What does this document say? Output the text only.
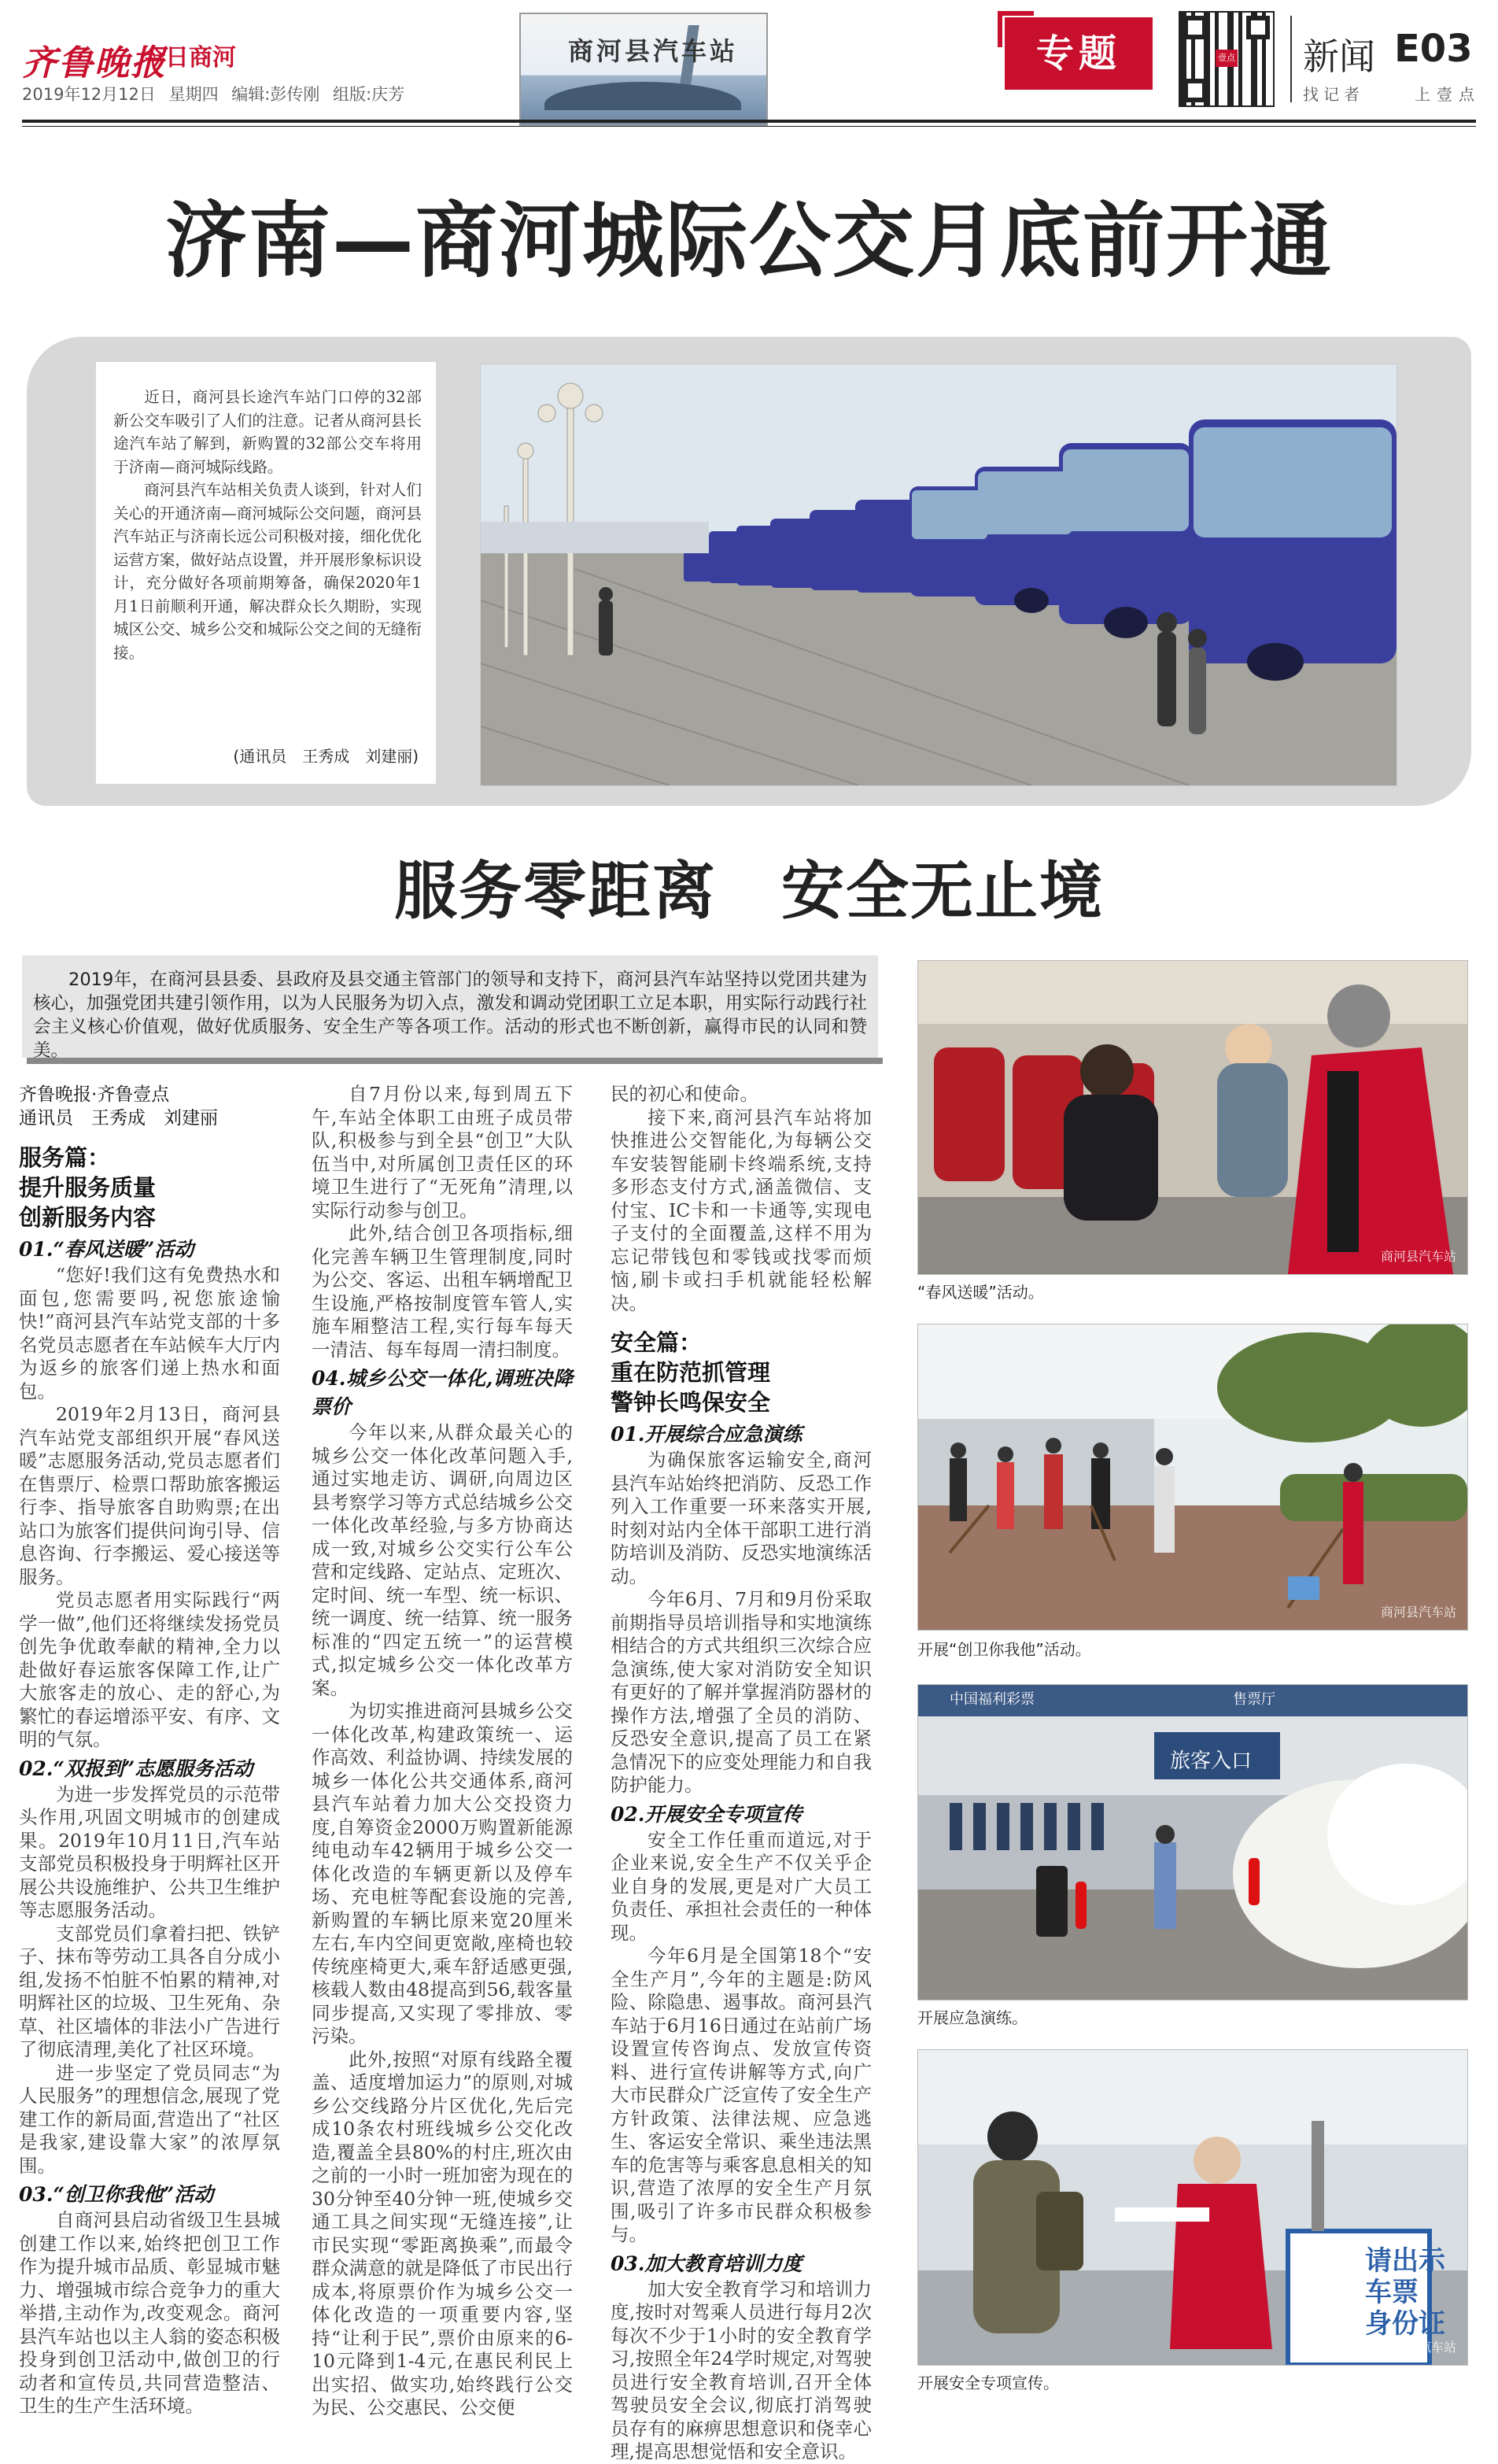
齐鲁晚报
今日商河
2019年12月12日 星期四 编辑:彭传刚 组版:庆芳
商河县汽车站	专题	壹点 新闻 E03
找记者	上壹点
济南—商河城际公交月底前开通

近日，商河县长途汽车站门口停的32部新公交车吸引了人们的注意。记者从商河县长途汽车站了解到，新购置的32部公交车将用于济南—商河城际线路。

商河县汽车站相关负责人谈到，针对人们关心的开通济南—商河城际公交问题，商河县汽车站正与济南长远公司积极对接，细化优化运营方案，做好站点设置，并开展形象标识设计，充分做好各项前期筹备，确保2020年1月1日前顺利开通，解决群众长久期盼，实现城区公交、城乡公交和城际公交之间的无缝衔接。

(通讯员　王秀成　刘建丽)
服务零距离　安全无止境

2019年，在商河县县委、县政府及县交通主管部门的领导和支持下，商河县汽车站坚持以党团共建为核心，加强党团共建引领作用，以为人民服务为切入点，激发和调动党团职工立足本职，用实际行动践行社会主义核心价值观，做好优质服务、安全生产等各项工作。活动的形式也不断创新，赢得市民的认同和赞美。

齐鲁晚报·齐鲁壹点

通讯员　王秀成　刘建丽

服务篇：

提升服务质量

创新服务内容

01.“春风送暖”活动

“您好!我们这有免费热水和面包,您需要吗,祝您旅途愉快!”商河县汽车站党支部的十多名党员志愿者在车站候车大厅内为返乡的旅客们递上热水和面包。

2019年2月13日，商河县汽车站党支部组织开展“春风送暖”志愿服务活动,党员志愿者们在售票厅、检票口帮助旅客搬运行李、指导旅客自助购票;在出站口为旅客们提供问询引导、信息咨询、行李搬运、爱心接送等服务。

党员志愿者用实际践行“两学一做”,他们还将继续发扬党员创先争优敢奉献的精神,全力以赴做好春运旅客保障工作,让广大旅客走的放心、走的舒心,为繁忙的春运增添平安、有序、文明的气氛。

02.“双报到”志愿服务活动

为进一步发挥党员的示范带头作用,巩固文明城市的创建成果。2019年10月11日,汽车站支部党员积极投身于明辉社区开展公共设施维护、公共卫生维护等志愿服务活动。

支部党员们拿着扫把、铁铲子、抹布等劳动工具各自分成小组,发扬不怕脏不怕累的精神,对明辉社区的垃圾、卫生死角、杂草、社区墙体的非法小广告进行了彻底清理,美化了社区环境。

进一步坚定了党员同志“为人民服务”的理想信念,展现了党建工作的新局面,营造出了“社区是我家,建设靠大家”的浓厚氛围。

03.“创卫你我他”活动

自商河县启动省级卫生县城创建工作以来,始终把创卫工作作为提升城市品质、彰显城市魅力、增强城市综合竞争力的重大举措,主动作为,改变观念。商河县汽车站也以主人翁的姿态积极投身到创卫活动中,做创卫的行动者和宣传员,共同营造整洁、卫生的生产生活环境。

自7月份以来,每到周五下午,车站全体职工由班子成员带队,积极参与到全县“创卫”大队伍当中,对所属创卫责任区的环境卫生进行了“无死角”清理,以实际行动参与创卫。

此外,结合创卫各项指标,细化完善车辆卫生管理制度,同时为公交、客运、出租车辆增配卫生设施,严格按制度管车管人,实施车厢整洁工程,实行每车每天一清洁、每车每周一清扫制度。

04.城乡公交一体化,调班决降票价

今年以来,从群众最关心的城乡公交一体化改革问题入手,通过实地走访、调研,向周边区县考察学习等方式总结城乡公交一体化改革经验,与多方协商达成一致,对城乡公交实行公车公营和定线路、定站点、定班次、定时间、统一车型、统一标识、统一调度、统一结算、统一服务标准的“四定五统一”的运营模式,拟定城乡公交一体化改革方案。

为切实推进商河县城乡公交一体化改革,构建政策统一、运作高效、利益协调、持续发展的城乡一体化公共交通体系,商河县汽车站着力加大公交投资力度,自筹资金2000万购置新能源纯电动车42辆用于城乡公交一体化改造的车辆更新以及停车场、充电桩等配套设施的完善,新购置的车辆比原来宽20厘米左右,车内空间更宽敞,座椅也较传统座椅更大,乘车舒适感更强,核载人数由48提高到56,载客量同步提高,又实现了零排放、零污染。

此外,按照“对原有线路全覆盖、适度增加运力”的原则,对城乡公交线路分片区优化,先后完成10条农村班线城乡公交化改造,覆盖全县80%的村庄,班次由之前的一小时一班加密为现在的30分钟至40分钟一班,使城乡交通工具之间实现“无缝连接”,让市民实现“零距离换乘”,而最令群众满意的就是降低了市民出行成本,将原票价作为城乡公交一体化改造的一项重要内容,坚持“让利于民”,票价由原来的6-10元降到1-4元,在惠民利民上出实招、做实功,始终践行公交为民、公交惠民、公交便

民的初心和使命。

接下来,商河县汽车站将加快推进公交智能化,为每辆公交车安装智能刷卡终端系统,支持多形态支付方式,涵盖微信、支付宝、IC卡和一卡通等,实现电子支付的全面覆盖,这样不用为忘记带钱包和零钱或找零而烦恼,刷卡或扫手机就能轻松解决。

安全篇：

重在防范抓管理

警钟长鸣保安全

01.开展综合应急演练

为确保旅客运输安全,商河县汽车站始终把消防、反恐工作列入工作重要一环来落实开展,时刻对站内全体干部职工进行消防培训及消防、反恐实地演练活动。

今年6月、7月和9月份采取前期指导员培训指导和实地演练相结合的方式共组织三次综合应急演练,使大家对消防安全知识有更好的了解并掌握消防器材的操作方法,增强了全员的消防、反恐安全意识,提高了员工在紧急情况下的应变处理能力和自我防护能力。

02.开展安全专项宣传

安全工作任重而道远,对于企业来说,安全生产不仅关乎企业自身的发展,更是对广大员工负责任、承担社会责任的一种体现。

今年6月是全国第18个“安全生产月”,今年的主题是:防风险、除隐患、遏事故。商河县汽车站于6月16日通过在站前广场设置宣传咨询点、发放宣传资料、进行宣传讲解等方式,向广大市民群众广泛宣传了安全生产方针政策、法律法规、应急逃生、客运安全常识、乘坐违法黑车的危害等与乘客息息相关的知识,营造了浓厚的安全生产月氛围,吸引了许多市民群众积极参与。

03.加大教育培训力度

加大安全教育学习和培训力度,按时对驾乘人员进行每月2次每次不少于1小时的安全教育学习,按照全年24学时规定,对驾驶员进行安全教育培训,召开全体驾驶员安全会议,彻底打消驾驶员存有的麻痹思想意识和侥幸心理,提高思想觉悟和安全意识。

商河县汽车站
“春风送暖”活动。
商河县汽车站
开展“创卫你我他”活动。
中国福利彩票	售票厅
旅客入口
开展应急演练。
请出示
车票
身份证
商河县汽车站
开展安全专项宣传。
